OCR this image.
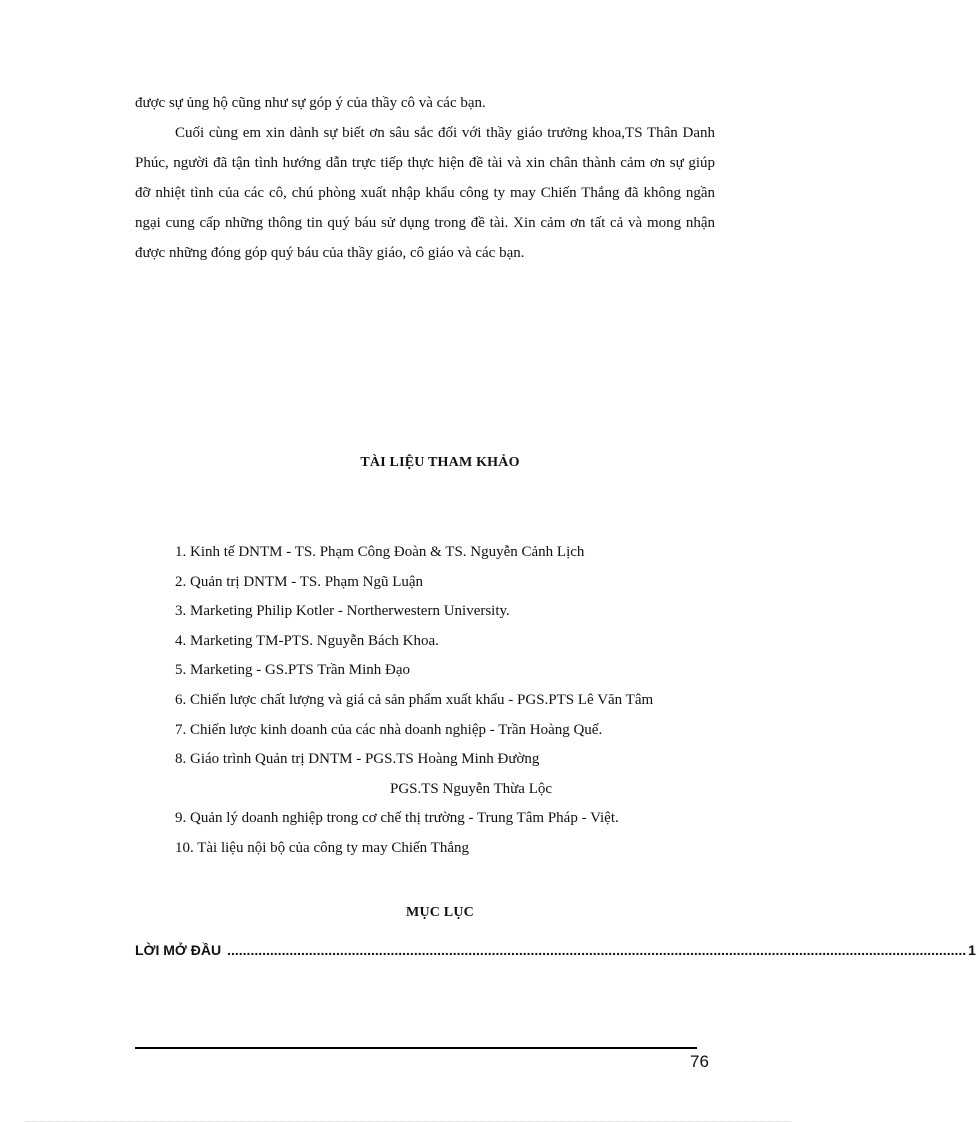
được sự ủng hộ cũng như sự góp ý của thầy cô và các bạn.

Cuối cùng em xin dành sự biết ơn sâu sắc đối với thầy giáo trưởng khoa,TS Thân Danh Phúc, người đã tận tình hướng dẫn trực tiếp thực hiện đề tài và xin chân thành cảm ơn sự giúp đỡ nhiệt tình của các cô, chú phòng xuất nhập khẩu công ty may Chiến Thắng đã không ngần ngại cung cấp những thông tin quý báu sử dụng trong đề tài. Xin cảm ơn tất cả và mong nhận được những đóng góp quý báu của thầy giáo, cô giáo và các bạn.

TÀI LIỆU THAM KHẢO
1. Kinh tế DNTM - TS. Phạm Công Đoàn & TS. Nguyễn Cảnh Lịch
2. Quản trị DNTM - TS. Phạm Ngũ Luận
3. Marketing Philip Kotler - Northerwestern University.
4. Marketing TM-PTS. Nguyễn Bách Khoa.
5. Marketing - GS.PTS Trần Minh Đạo
6. Chiến lược chất lượng và giá cả sản phẩm xuất khẩu - PGS.PTS Lê Văn Tâm
7. Chiến lược kinh doanh của các nhà doanh nghiệp - Trần Hoàng Quế.
8. Giáo trình Quản trị DNTM - PGS.TS Hoàng Minh Đường
PGS.TS Nguyễn Thừa Lộc
9. Quản lý doanh nghiệp trong cơ chế thị trường - Trung Tâm Pháp - Việt.
10. Tài liệu nội bộ của công ty may Chiến Thắng
MỤC LỤC
LỜI MỞ ĐẦU .............................................................................................................................................................................................. 1
76
